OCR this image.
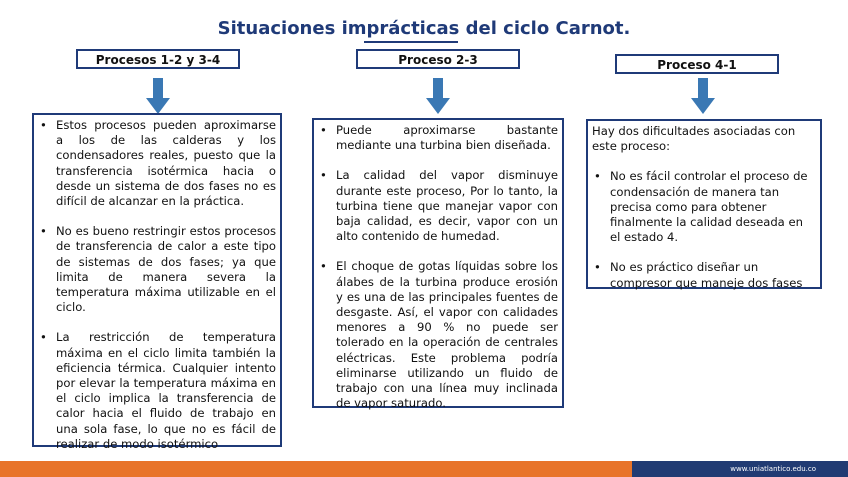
Situaciones imprácticas del ciclo Carnot.
Procesos 1-2 y 3-4	Proceso 2-3	Proceso 4-1
• Estos procesos pueden aproximarse a los de las calderas y los condensadores reales, puesto que la transferencia isotérmica hacia o desde un sistema de dos fases no es difícil de alcanzar en la práctica.
• No es bueno restringir estos procesos de transferencia de calor a este tipo de sistemas de dos fases; ya que limita de manera severa la temperatura máxima utilizable en el ciclo.
• La restricción de temperatura máxima en el ciclo limita también la eficiencia térmica. Cualquier intento por elevar la temperatura máxima en el ciclo implica la transferencia de calor hacia el fluido de trabajo en una sola fase, lo que no es fácil de realizar de modo isotérmico
• Puede aproximarse bastante mediante una turbina bien diseñada.
• La calidad del vapor disminuye durante este proceso, Por lo tanto, la turbina tiene que manejar vapor con baja calidad, es decir, vapor con un alto contenido de humedad.
• El choque de gotas líquidas sobre los álabes de la turbina produce erosión y es una de las principales fuentes de desgaste. Así, el vapor con calidades menores a 90 % no puede ser tolerado en la operación de centrales eléctricas. Este problema podría eliminarse utilizando un fluido de trabajo con una línea muy inclinada de vapor saturado.
Hay dos dificultades asociadas con este proceso:
• No es fácil controlar el proceso de condensación de manera tan precisa como para obtener finalmente la calidad deseada en el estado 4.
• No es práctico diseñar un compresor que maneje dos fases
www.uniatlantico.edu.co
